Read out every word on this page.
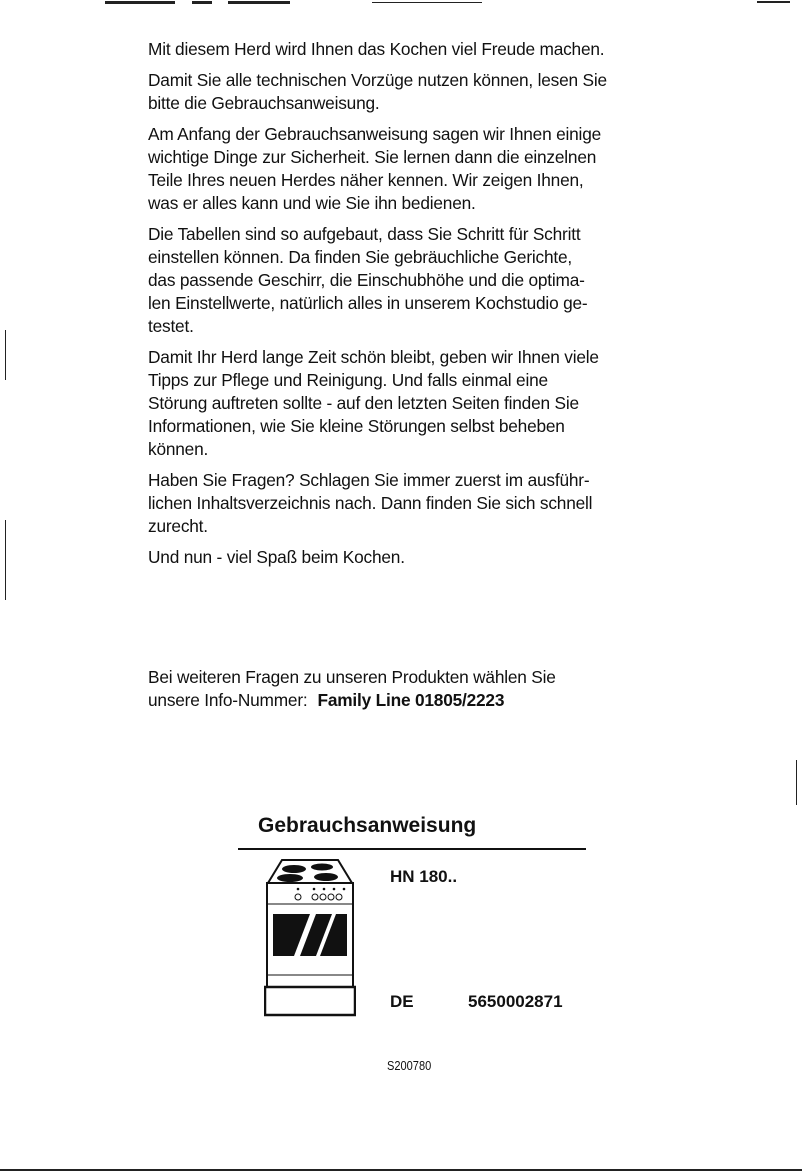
Mit diesem Herd wird Ihnen das Kochen viel Freude machen.

Damit Sie alle technischen Vorzüge nutzen können, lesen Sie
bitte die Gebrauchsanweisung.

Am Anfang der Gebrauchsanweisung sagen wir Ihnen einige
wichtige Dinge zur Sicherheit. Sie lernen dann die einzelnen
Teile Ihres neuen Herdes näher kennen. Wir zeigen Ihnen,
was er alles kann und wie Sie ihn bedienen.

Die Tabellen sind so aufgebaut, dass Sie Schritt für Schritt
einstellen können. Da finden Sie gebräuchliche Gerichte,
das passende Geschirr, die Einschubhöhe und die optima-
len Einstellwerte, natürlich alles in unserem Kochstudio ge-
testet.

Damit Ihr Herd lange Zeit schön bleibt, geben wir Ihnen viele
Tipps zur Pflege und Reinigung. Und falls einmal eine
Störung auftreten sollte - auf den letzten Seiten finden Sie
Informationen, wie Sie kleine Störungen selbst beheben
können.

Haben Sie Fragen? Schlagen Sie immer zuerst im ausführ-
lichen Inhaltsverzeichnis nach. Dann finden Sie sich schnell
zurecht.

Und nun - viel Spaß beim Kochen.

Bei weiteren Fragen zu unseren Produkten wählen Sie
unsere Info-Nummer: Family Line 01805/2223
Gebrauchsanweisung
HN 180..
DE	5650002871
S200780
